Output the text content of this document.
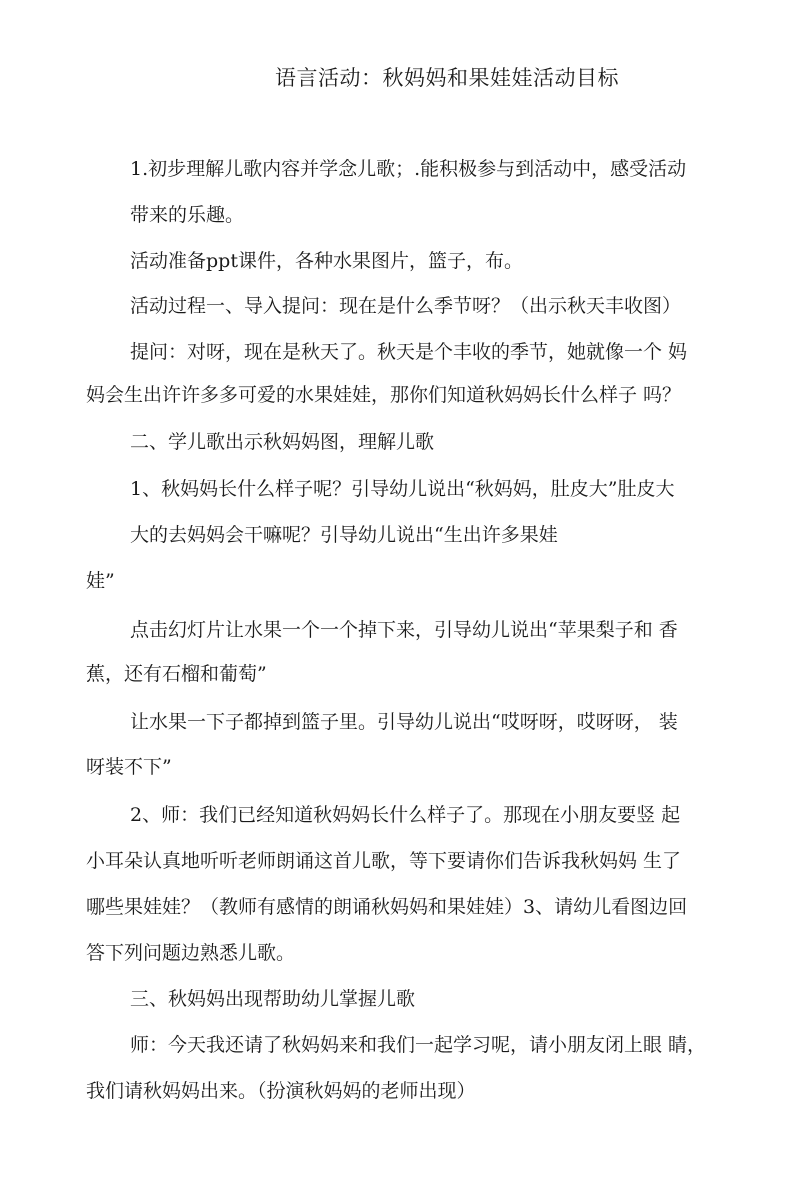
语言活动：秋妈妈和果娃娃活动目标
1.初步理解儿歌内容并学念儿歌；.能积极参与到活动中，感受活动
带来的乐趣。
活动准备ppt课件，各种水果图片，篮子，布。
活动过程一、导入提问：现在是什么季节呀？（出示秋天丰收图）
提问：对呀，现在是秋天了。秋天是个丰收的季节，她就像一个 妈
妈会生出许许多多可爱的水果娃娃，那你们知道秋妈妈长什么样子 吗？
二、学儿歌出示秋妈妈图，理解儿歌
1、秋妈妈长什么样子呢？引导幼儿说出“秋妈妈，肚皮大”肚皮大
大的去妈妈会干嘛呢？引导幼儿说出“生出许多果娃
娃”
点击幻灯片让水果一个一个掉下来，引导幼儿说出“苹果梨子和 香
蕉，还有石榴和葡萄”
让水果一下子都掉到篮子里。引导幼儿说出“哎呀呀，哎呀呀， 装
呀装不下”
2、师：我们已经知道秋妈妈长什么样子了。那现在小朋友要竖 起
小耳朵认真地听听老师朗诵这首儿歌，等下要请你们告诉我秋妈妈 生了
哪些果娃娃？（教师有感情的朗诵秋妈妈和果娃娃）3、请幼儿看图边回
答下列问题边熟悉儿歌。
三、秋妈妈出现帮助幼儿掌握儿歌
师：今天我还请了秋妈妈来和我们一起学习呢，请小朋友闭上眼 睛，
我们请秋妈妈出来。（扮演秋妈妈的老师出现）
